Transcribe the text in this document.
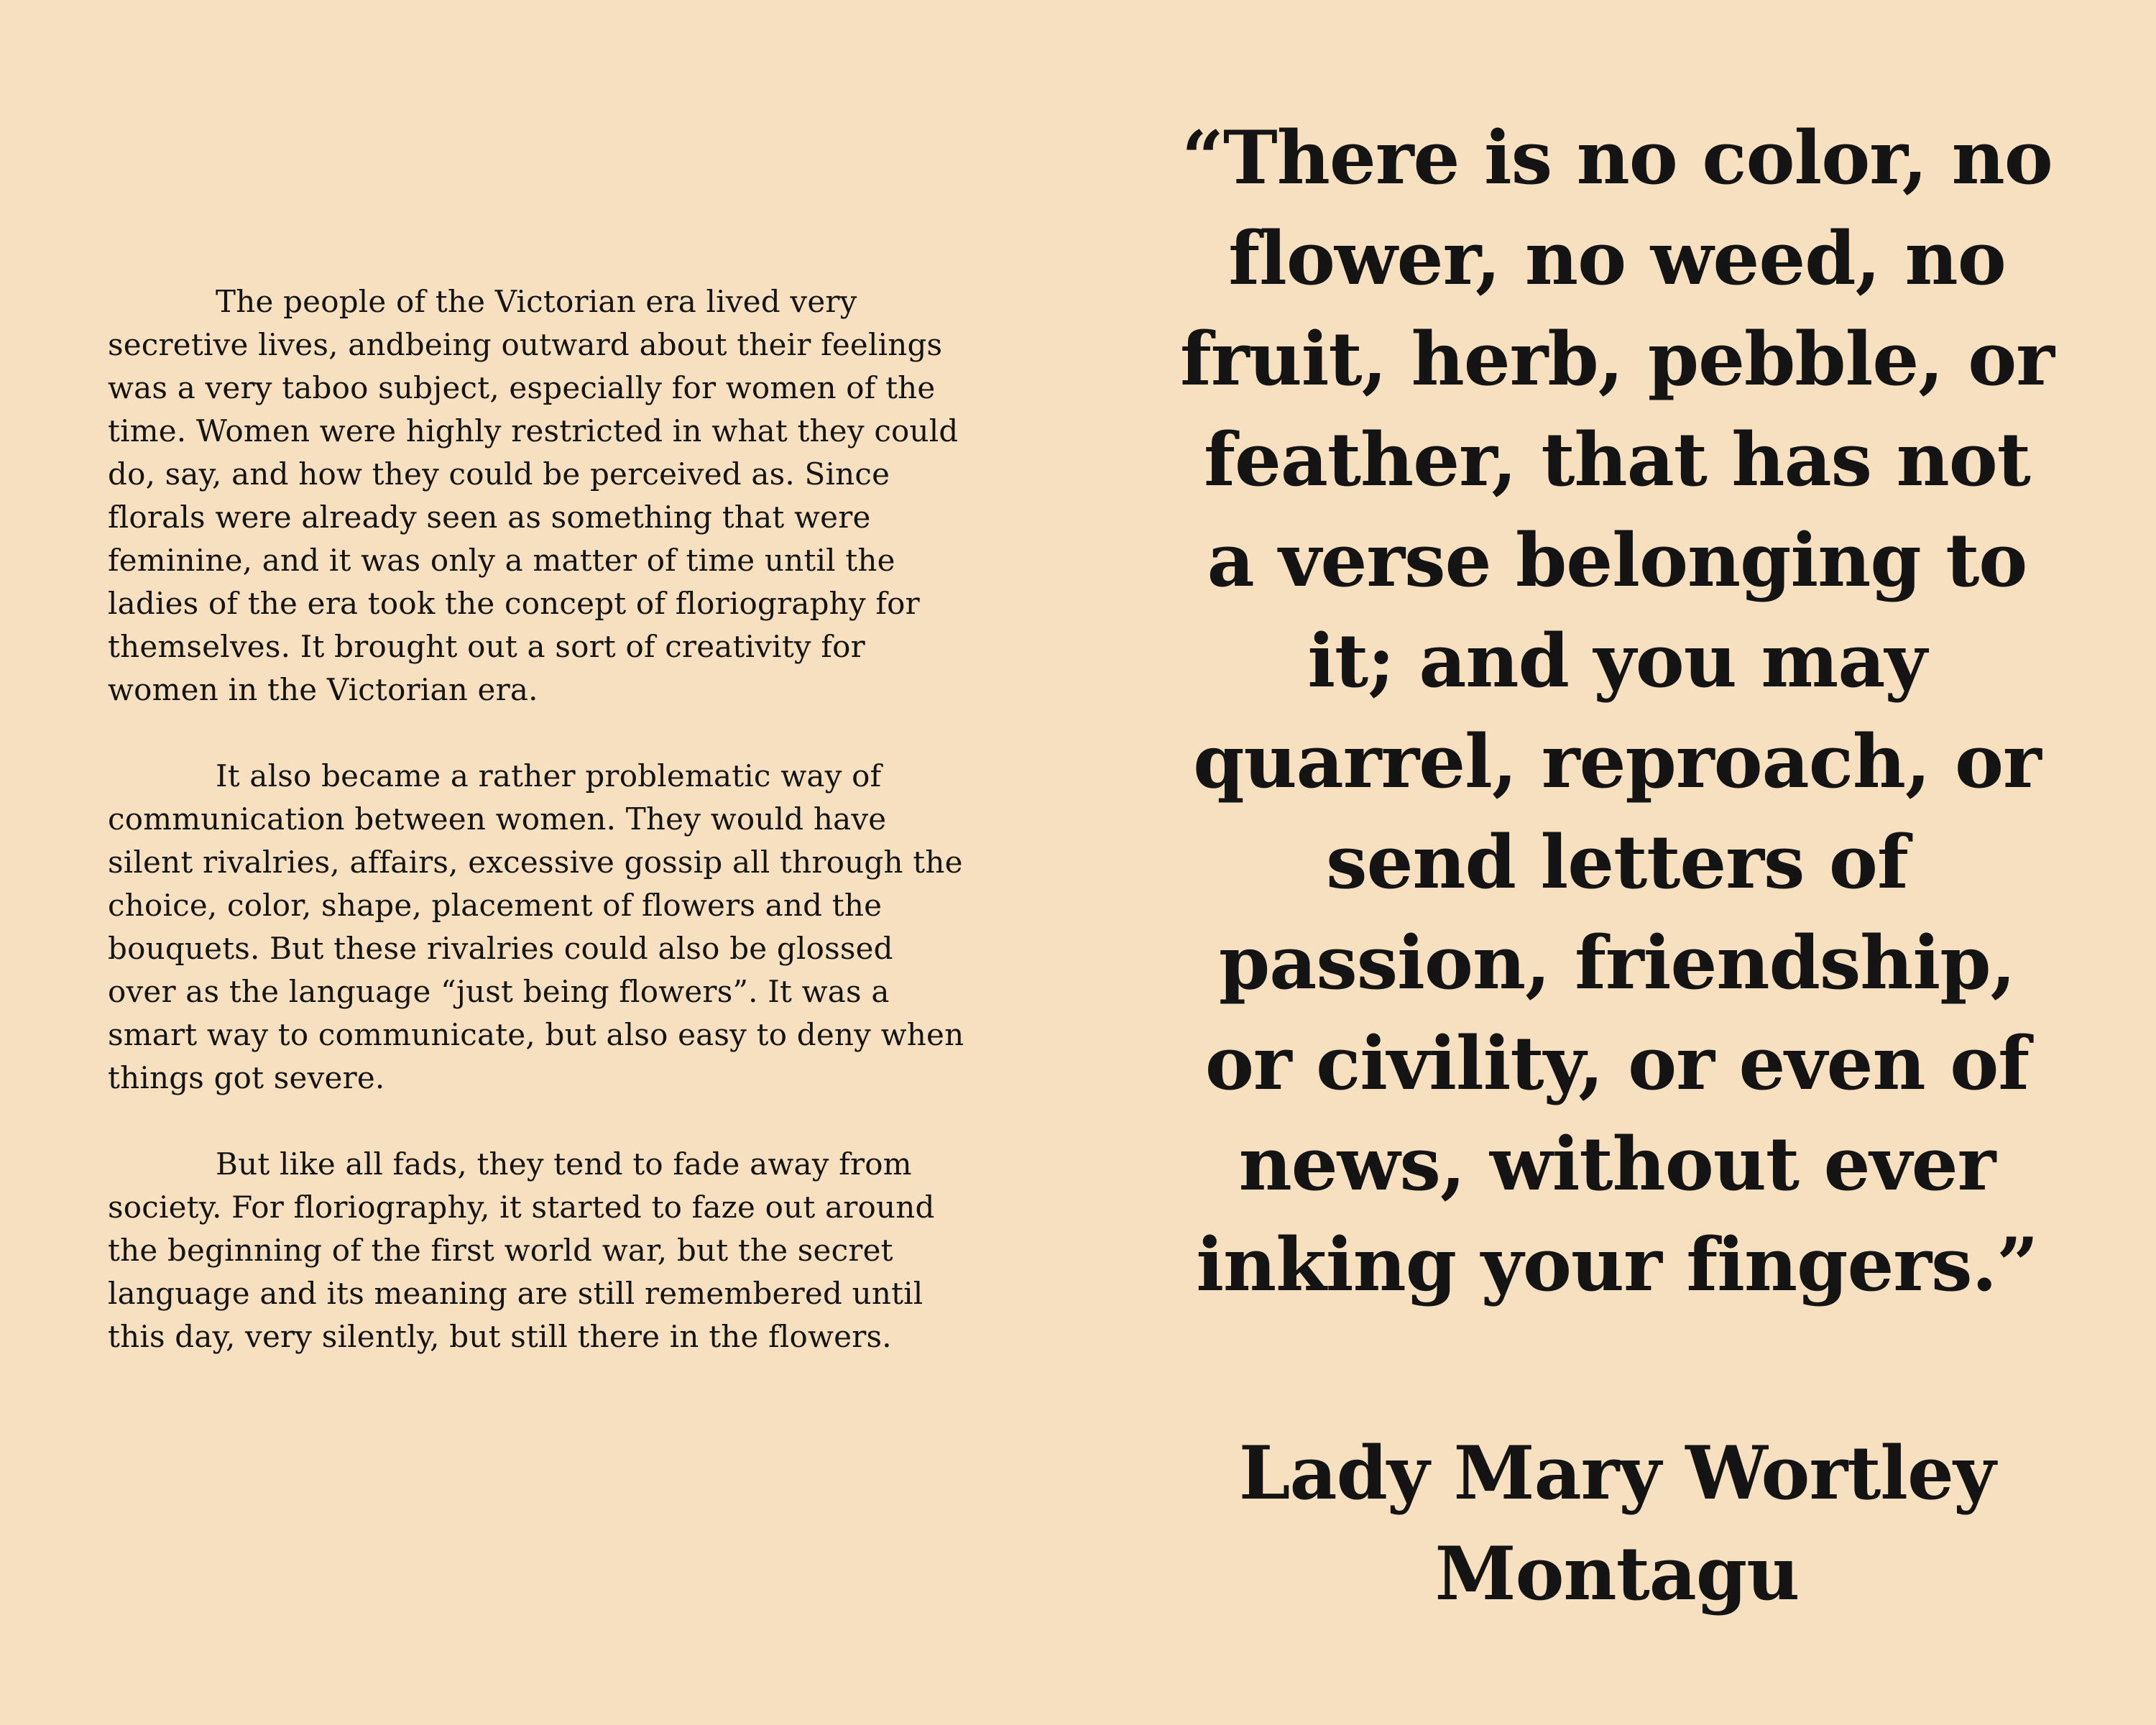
The people of the Victorian era lived very secretive lives, andbeing outward about their feelings was a very taboo subject, especially for women of the time. Women were highly restricted in what they could do, say, and how they could be perceived as. Since florals were already seen as something that were feminine, and it was only a matter of time until the ladies of the era took the concept of floriography for themselves. It brought out a sort of creativity for women in the Victorian era.

It also became a rather problematic way of communication between women. They would have silent rivalries, affairs, excessive gossip all through the choice, color, shape, placement of flowers and the bouquets. But these rivalries could also be glossed over as the language “just being flowers”. It was a smart way to communicate, but also easy to deny when things got severe.

But like all fads, they tend to fade away from society. For floriography, it started to faze out around the beginning of the first world war, but the secret language and its meaning are still remembered until this day, very silently, but still there in the flowers.

“There is no color, no flower, no weed, no fruit, herb, pebble, or feather, that has not a verse belonging to it; and you may quarrel, reproach, or send letters of passion, friendship, or civility, or even of news, without ever inking your fingers.”
Lady Mary Wortley Montagu
